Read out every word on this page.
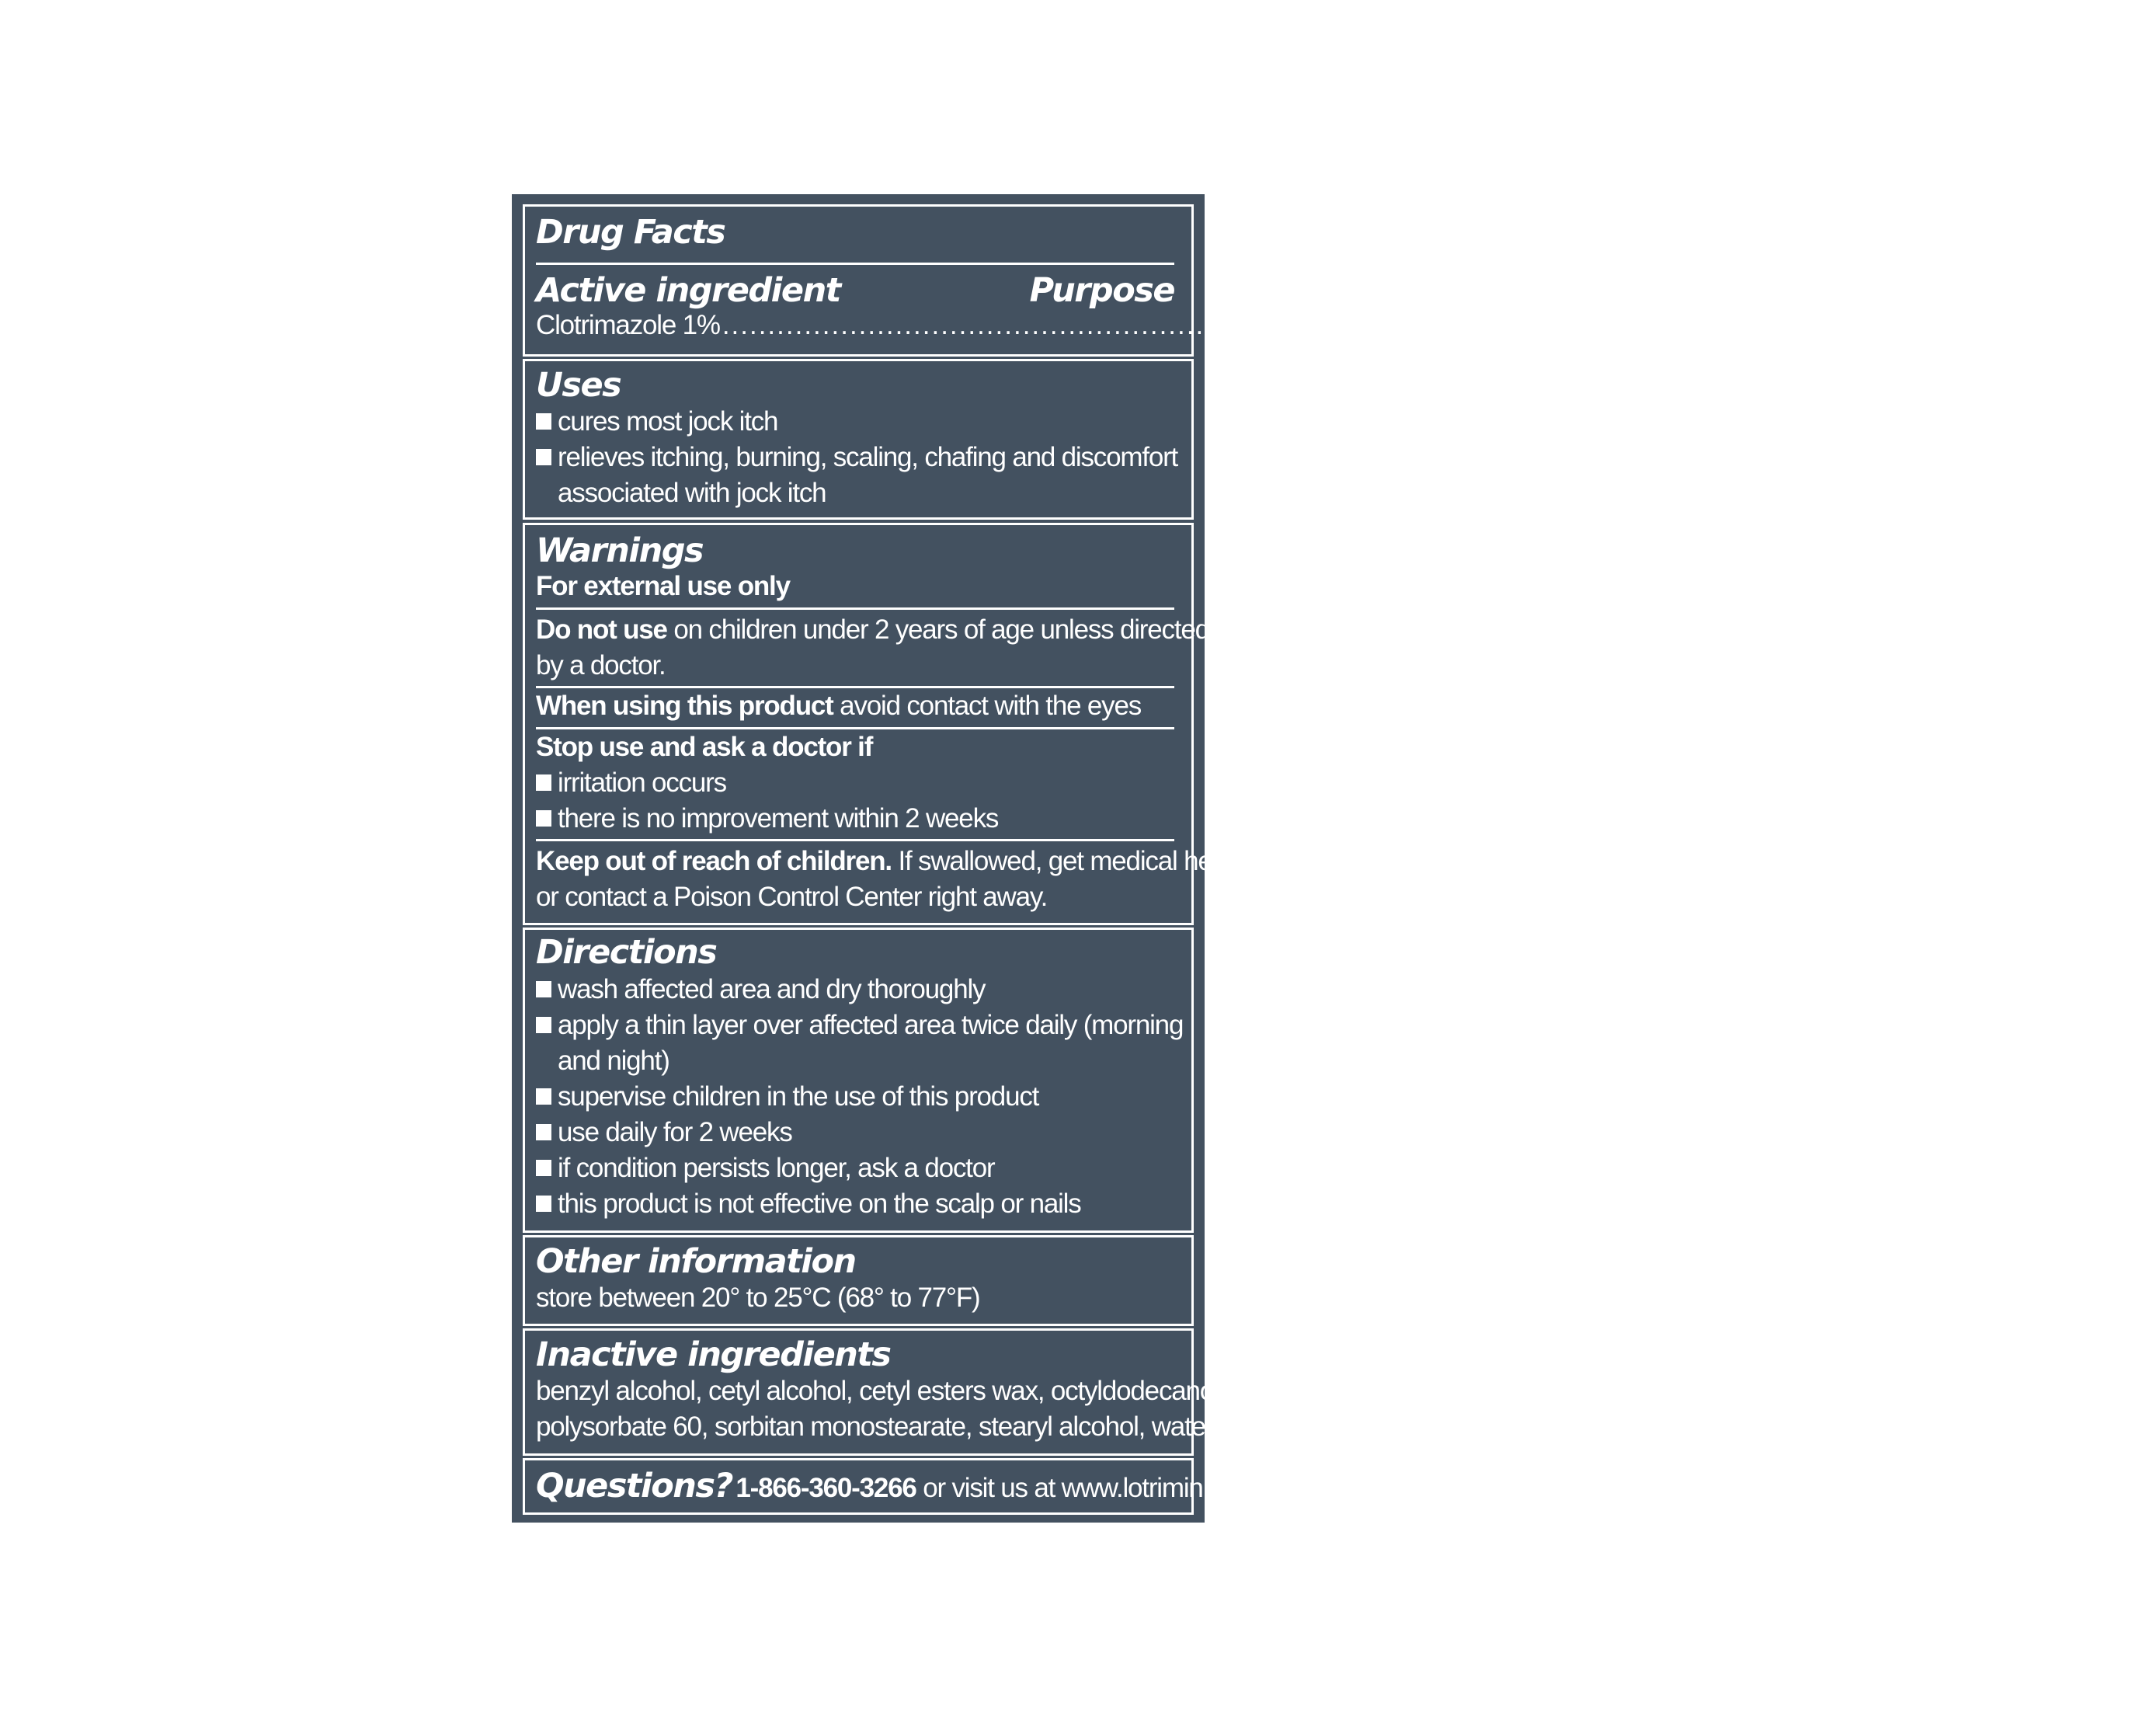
Drug Facts
Active ingredient	Purpose
Clotrimazole 1% ................................................................................................................................................. Antifungal
Uses
cures most jock itch
relieves itching, burning, scaling, chafing and discomfort
associated with jock itch
Warnings
For external use only
Do not use on children under 2 years of age unless directed
by a doctor.
When using this product avoid contact with the eyes
Stop use and ask a doctor if
irritation occurs
there is no improvement within 2 weeks
Keep out of reach of children. If swallowed, get medical help
or contact a Poison Control Center right away.
Directions
wash affected area and dry thoroughly
apply a thin layer over affected area twice daily (morning
and night)
supervise children in the use of this product
use daily for 2 weeks
if condition persists longer, ask a doctor
this product is not effective on the scalp or nails
Other information
store between 20° to 25°C (68° to 77°F)
Inactive ingredients
benzyl alcohol, cetyl alcohol, cetyl esters wax, octyldodecanol,
polysorbate 60, sorbitan monostearate, stearyl alcohol, water
Questions? 1-866-360-3266 or visit us at www.lotrimin.com
